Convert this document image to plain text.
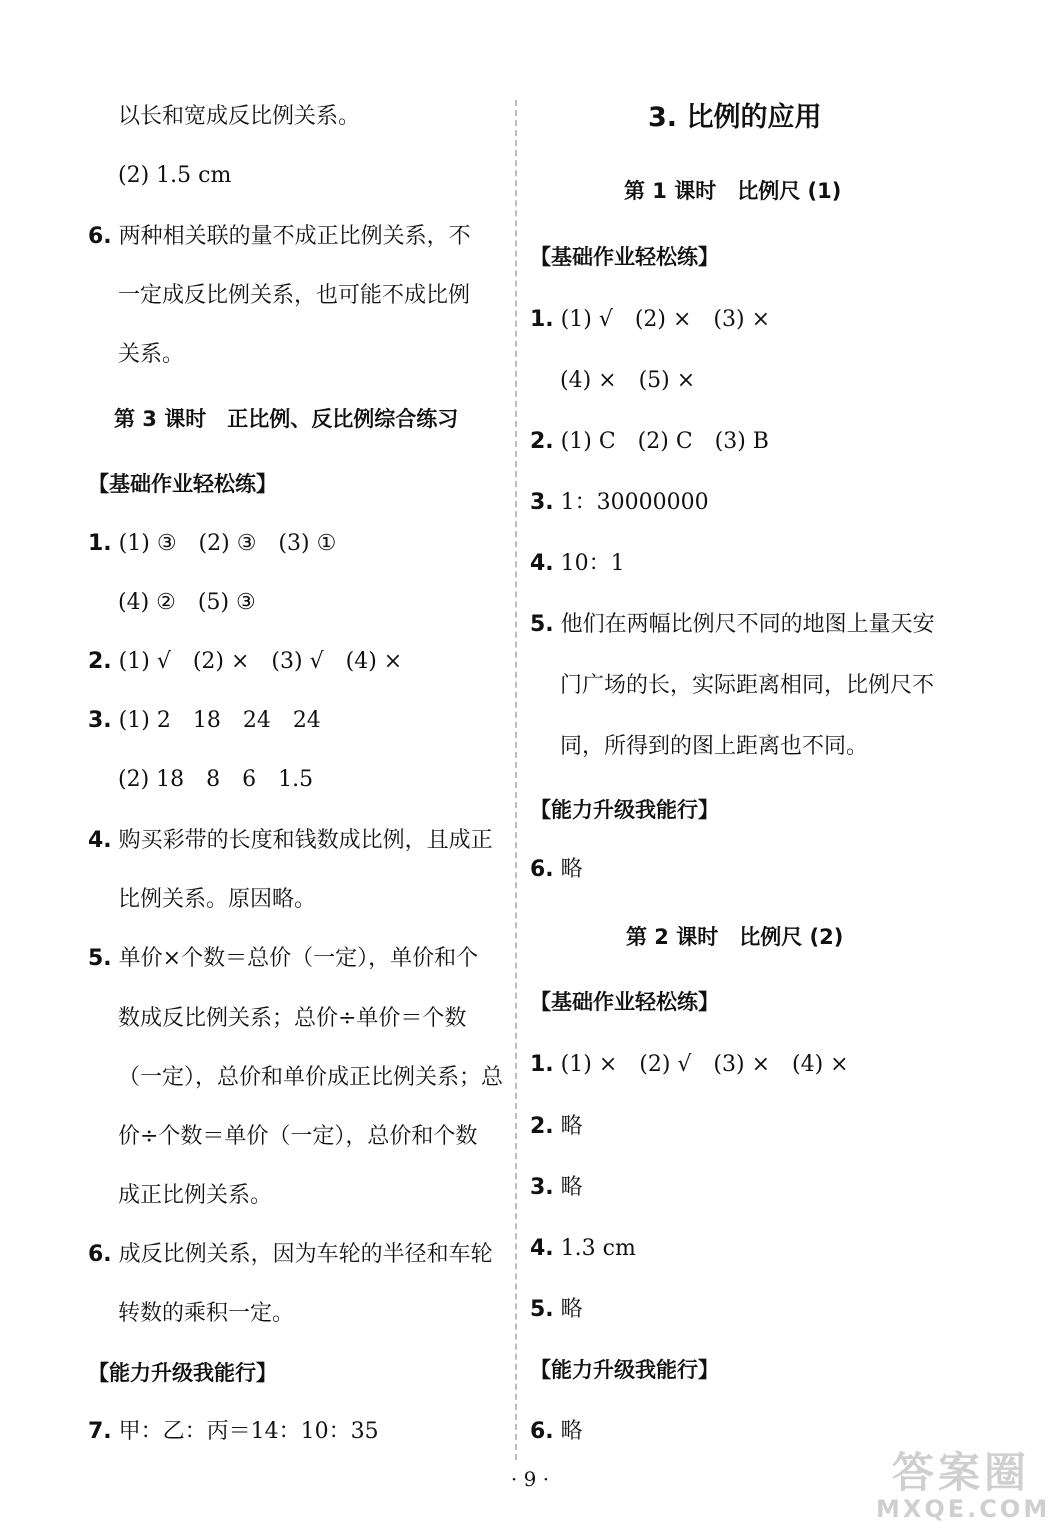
以长和宽成反比例关系。
(2) 1.5 cm
6. 两种相关联的量不成正比例关系，不
一定成反比例关系，也可能不成比例
关系。
第 3 课时　正比例、反比例综合练习
【基础作业轻松练】
1. (1) ③　(2) ③　(3) ①
(4) ②　(5) ③
2. (1) √　(2) ×　(3) √　(4) ×
3. (1) 2　18　24　24
(2) 18　8　6　1.5
4. 购买彩带的长度和钱数成比例，且成正
比例关系。原因略。
5. 单价×个数＝总价（一定），单价和个
数成反比例关系；总价÷单价＝个数
（一定），总价和单价成正比例关系；总
价÷个数＝单价（一定），总价和个数
成正比例关系。
6. 成反比例关系，因为车轮的半径和车轮
转数的乘积一定。
【能力升级我能行】
7. 甲：乙：丙＝14：10：35
3. 比例的应用
第 1 课时　比例尺 (1)
【基础作业轻松练】
1. (1) √　(2) ×　(3) ×
(4) ×　(5) ×
2. (1) C　(2) C　(3) B
3. 1：30000000
4. 10：1
5. 他们在两幅比例尺不同的地图上量天安
门广场的长，实际距离相同，比例尺不
同，所得到的图上距离也不同。
【能力升级我能行】
6. 略
第 2 课时　比例尺 (2)
【基础作业轻松练】
1. (1) ×　(2) √　(3) ×　(4) ×
2. 略
3. 略
4. 1.3 cm
5. 略
【能力升级我能行】
6. 略
· 9 ·	答案圈
MXQE.COM
